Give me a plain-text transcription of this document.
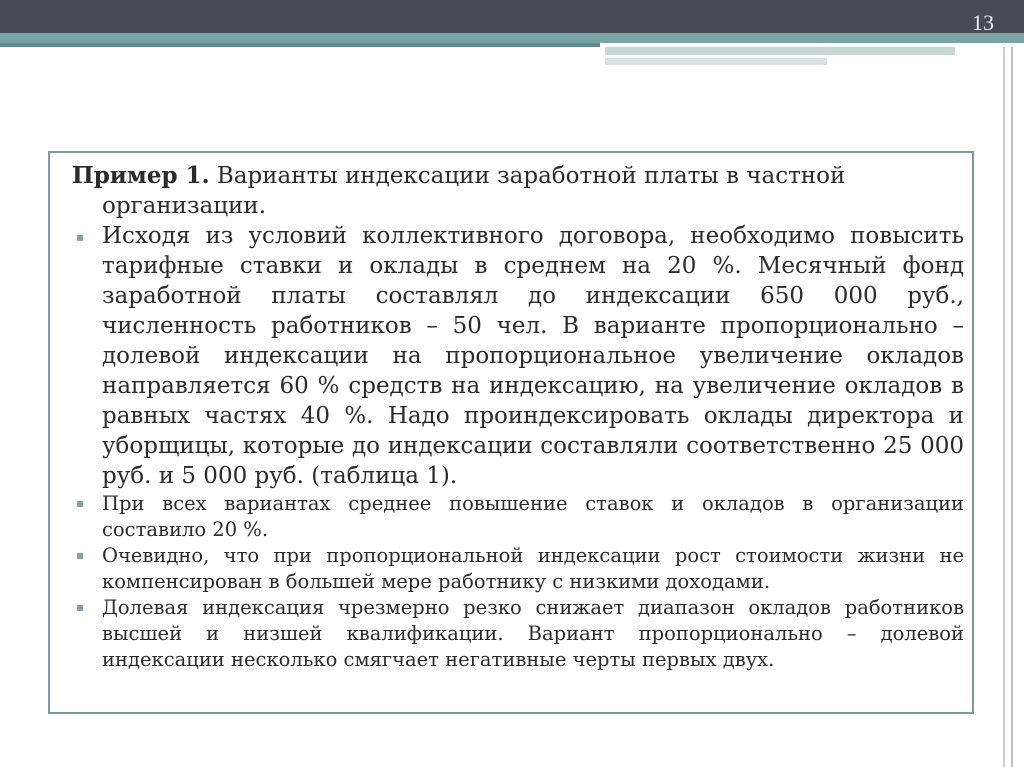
13

Пример 1. Варианты индексации заработной платы в частной
организации.

▪ Исходя из условий коллективного договора, необходимо повысить тарифные ставки и оклады в среднем на 20 %. Месячный фонд заработной платы составлял до индексации 650 000 руб., численность работников – 50 чел. В варианте пропорционально – долевой индексации на пропорциональное увеличение окладов направляется 60 % средств на индексацию, на увеличение окладов в равных частях 40 %. Надо проиндексировать оклады директора и уборщицы, которые до индексации составляли соответственно 25 000 руб. и 5 000 руб. (таблица 1).

▪ При всех вариантах среднее повышение ставок и окладов в организации составило 20 %.

▪ Очевидно, что при пропорциональной индексации рост стоимости жизни не компенсирован в большей мере работнику с низкими доходами.

▪ Долевая индексация чрезмерно резко снижает диапазон окладов работников высшей и низшей квалификации. Вариант пропорционально – долевой индексации несколько смягчает негативные черты первых двух.
